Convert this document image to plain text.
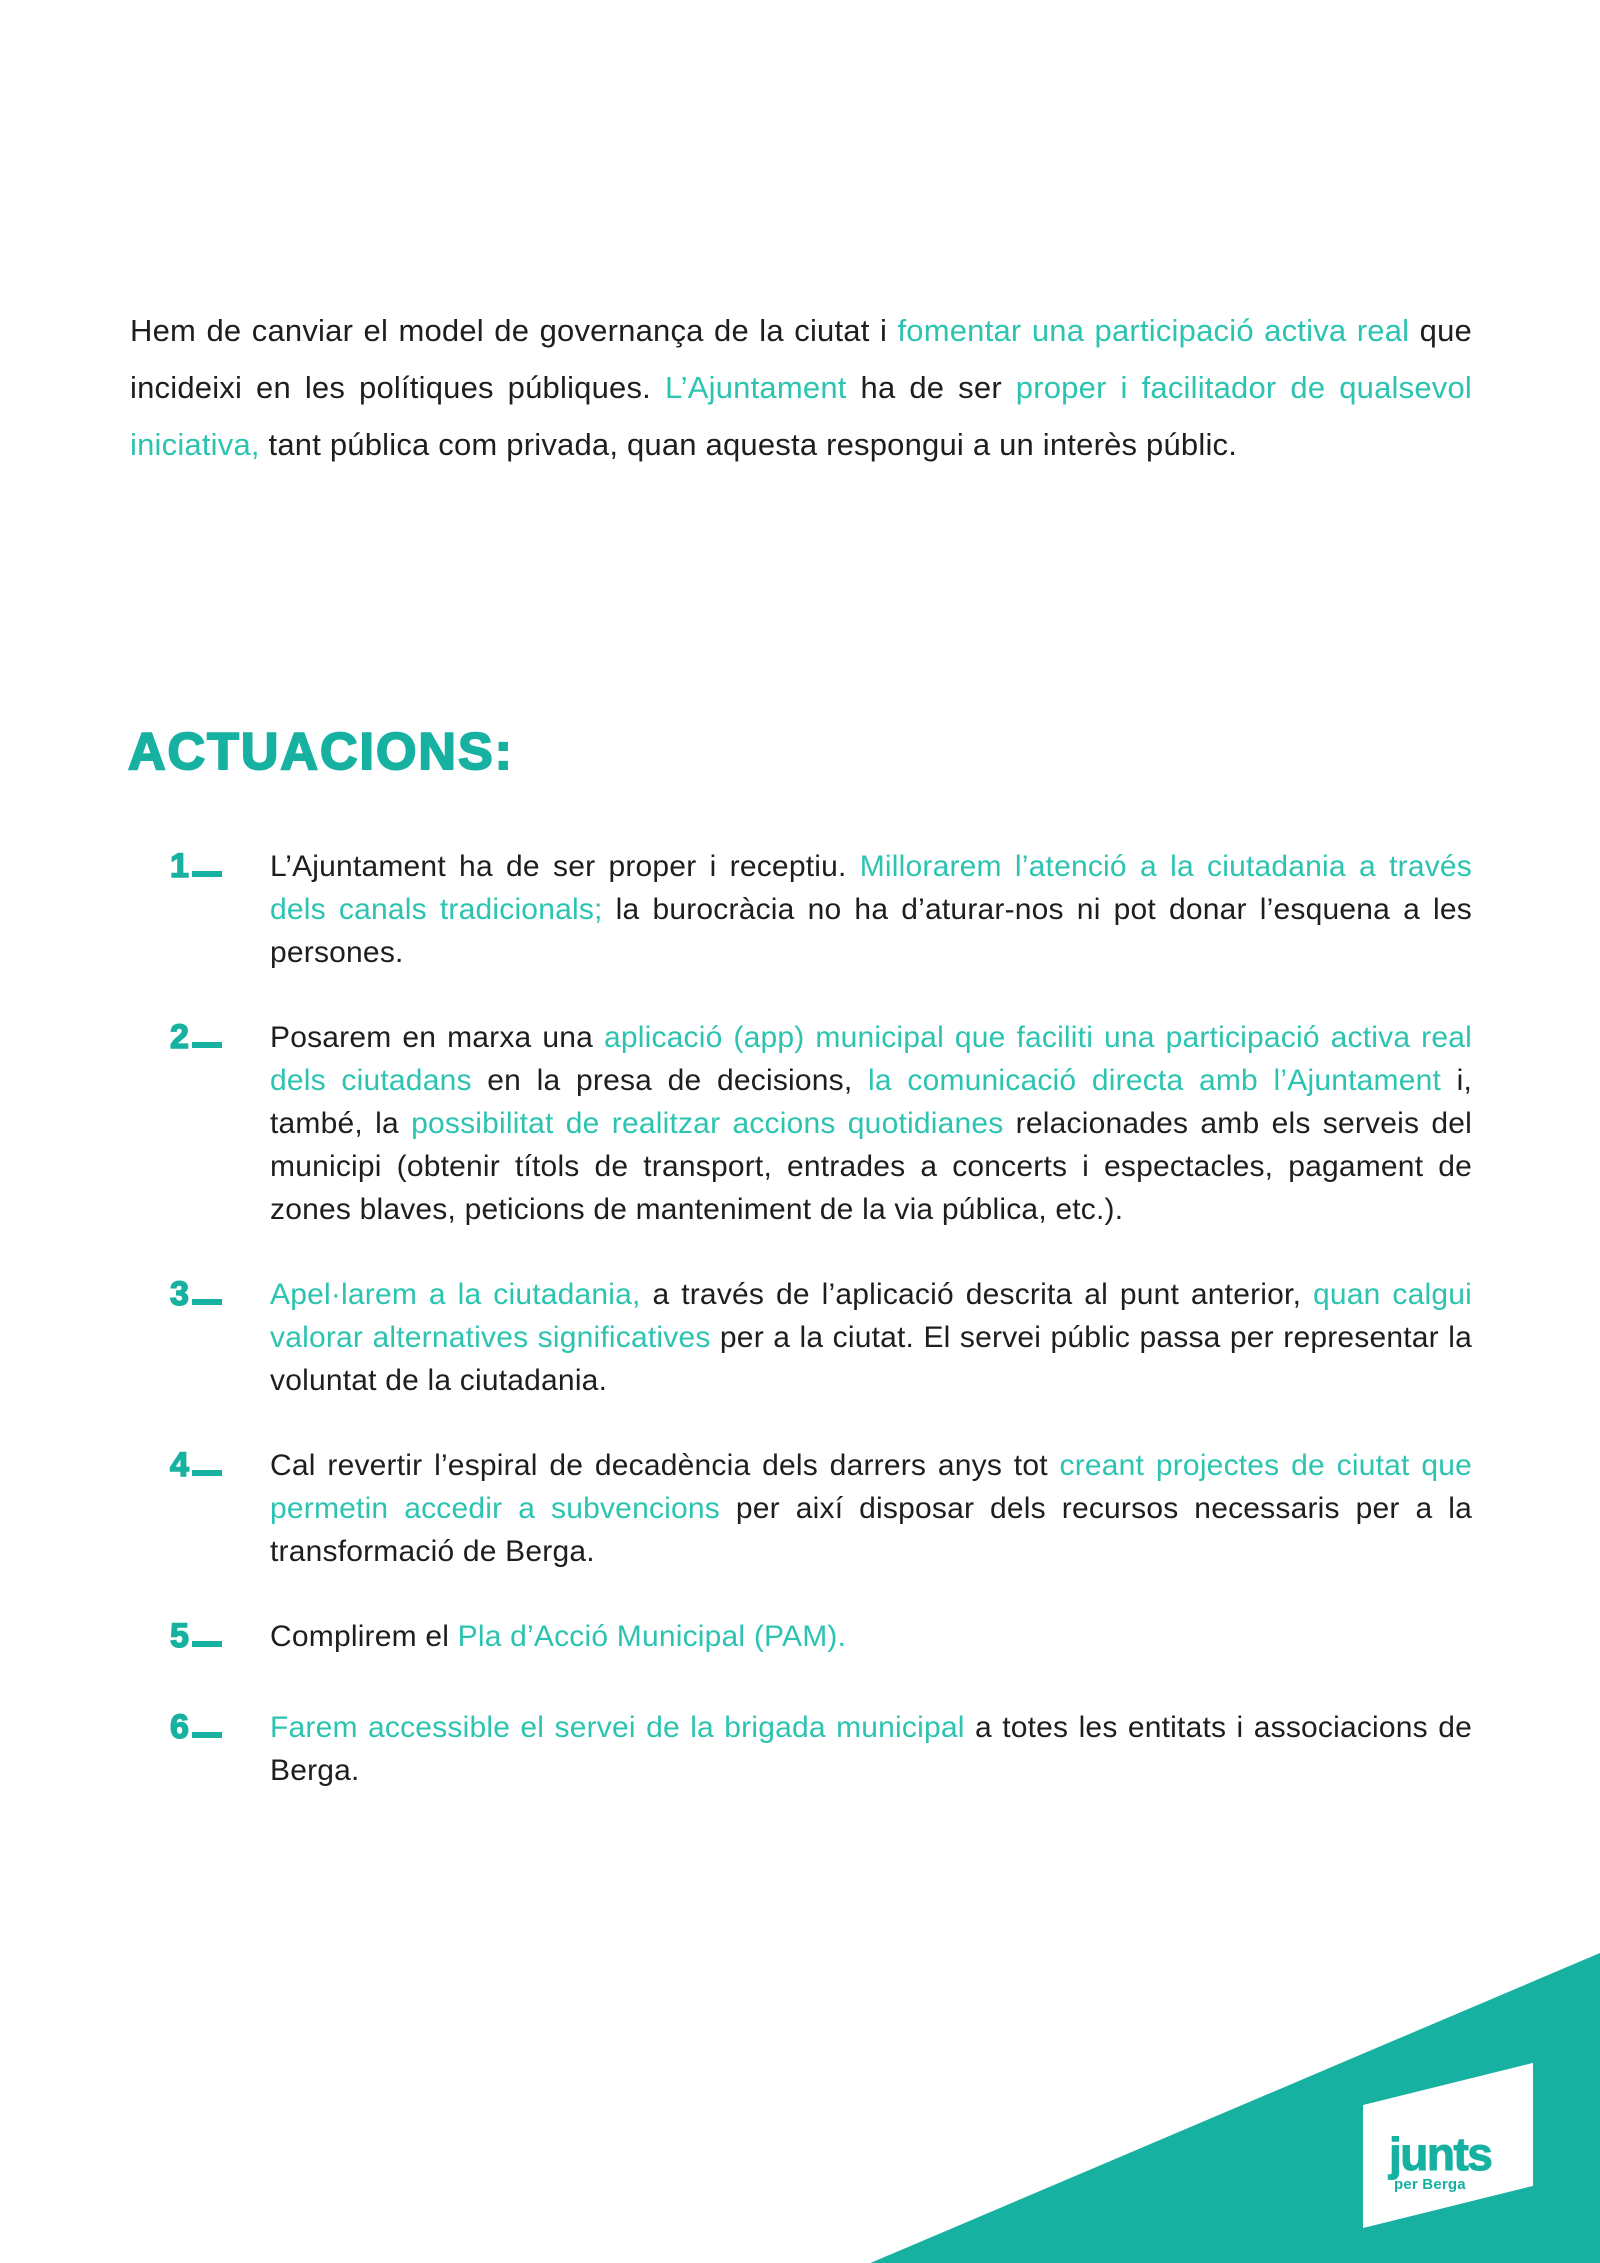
Hem de canviar el model de governança de la ciutat i fomentar una participació activa real que incideixi en les polítiques públiques. L’Ajuntament ha de ser proper i facilitador de qualsevol iniciativa, tant pública com privada, quan aquesta respongui a un interès públic.

ACTUACIONS:
1	L’Ajuntament ha de ser proper i receptiu. Millorarem l’atenció a la ciutadania a través dels canals tradicionals; la burocràcia no ha d’aturar-nos ni pot donar l’esquena a les persones.
2	Posarem en marxa una aplicació (app) municipal que faciliti una participació activa real dels ciutadans en la presa de decisions, la comunicació directa amb l’Ajuntament i, també, la possibilitat de realitzar accions quotidianes relacionades amb els serveis del municipi (obtenir títols de transport, entrades a concerts i espectacles, pagament de zones blaves, peticions de manteniment de la via pública, etc.).
3	Apel·larem a la ciutadania, a través de l’aplicació descrita al punt anterior, quan calgui valorar alternatives significatives per a la ciutat. El servei públic passa per representar la voluntat de la ciutadania.
4	Cal revertir l’espiral de decadència dels darrers anys tot creant projectes de ciutat que permetin accedir a subvencions per així disposar dels recursos necessaris per a la transformació de Berga.
5	Complirem el Pla d’Acció Municipal (PAM).
6	Farem accessible el servei de la brigada municipal a totes les entitats i associacions de Berga.
junts
per Berga
